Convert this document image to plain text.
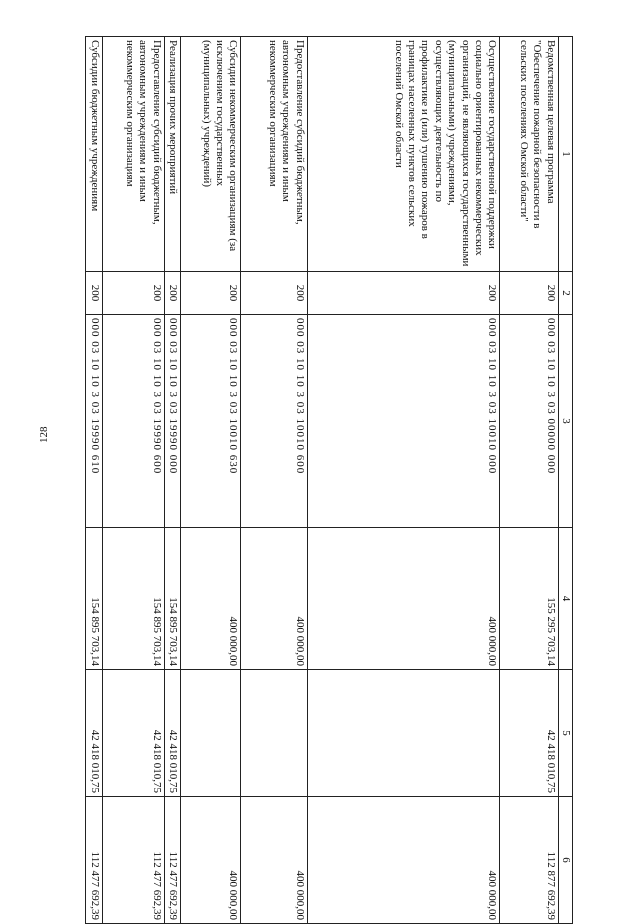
128
1	2	3	4	5	6
Ведомственная целевая программа "Обеспечение пожарной безопасности в сельских поселениях Омской области"	200	000 03 10 10 3 03 00000 000	155 295 703,14	42 418 010,75	112 877 692,39
Осуществление государственной поддержки социально ориентированных некоммерческих организаций, не являющихся государственными (муниципальными) учреждениями, осуществляющих деятельность по профилактике и (или) тушению пожаров в границах населенных пунктов сельских поселений Омской области	200	000 03 10 10 3 03 10010 000	400 000,00		400 000,00
Предоставление субсидий бюджетным, автономным учреждениям и иным некоммерческим организациям	200	000 03 10 10 3 03 10010 600	400 000,00		400 000,00
Субсидии некоммерческим организациям (за исключением государственных (муниципальных) учреждений)	200	000 03 10 10 3 03 10010 630	400 000,00		400 000,00
Реализация прочих мероприятий	200	000 03 10 10 3 03 19990 000	154 895 703,14	42 418 010,75	112 477 692,39
Предоставление субсидий бюджетным, автономным учреждениям и иным некоммерческим организациям	200	000 03 10 10 3 03 19990 600	154 895 703,14	42 418 010,75	112 477 692,39
Субсидии бюджетным учреждениям	200	000 03 10 10 3 03 19990 610	154 895 703,14	42 418 010,75	112 477 692,39
